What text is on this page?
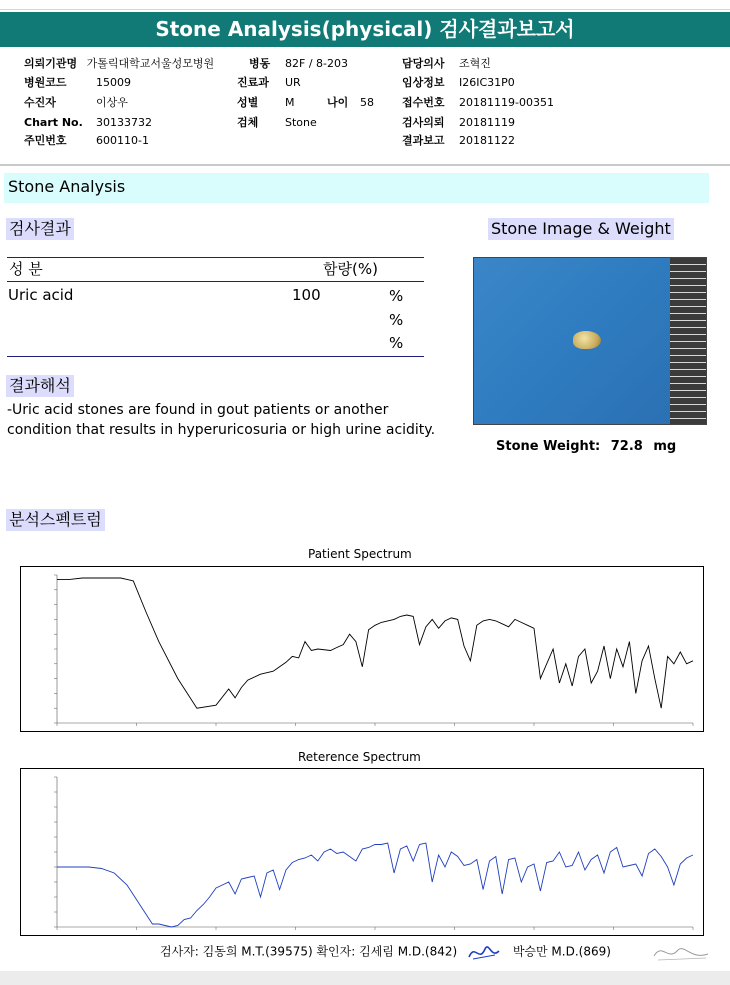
Stone Analysis(physical) 검사결과보고서
의뢰기관명 가톨릭대학교서울성모병원
병원코드	15009
수진자	이상우
Chart No. 30133732
주민번호	600110-1
병동 82F / 8-203
진료과 UR
성별 M	나이 58
검체 Stone
담당의사 조혁진
임상정보 I26IC31P0
접수번호 20181119-00351
검사의뢰 20181119
결과보고 20181122
Stone Analysis
검사결과	Stone Image & Weight
성 분	함량(%)
Uric acid	100	%
%
%
결과해석
-Uric acid stones are found in gout patients or another condition that results in hyperuricosuria or high urine acidity.
Stone Weight: 72.8 mg
분석스펙트럼
Patient Spectrum
Reterence Spectrum
검사자: 김동희 M.T.(39575) 확인자: 김세림 M.D.(842)	박승만 M.D.(869)
